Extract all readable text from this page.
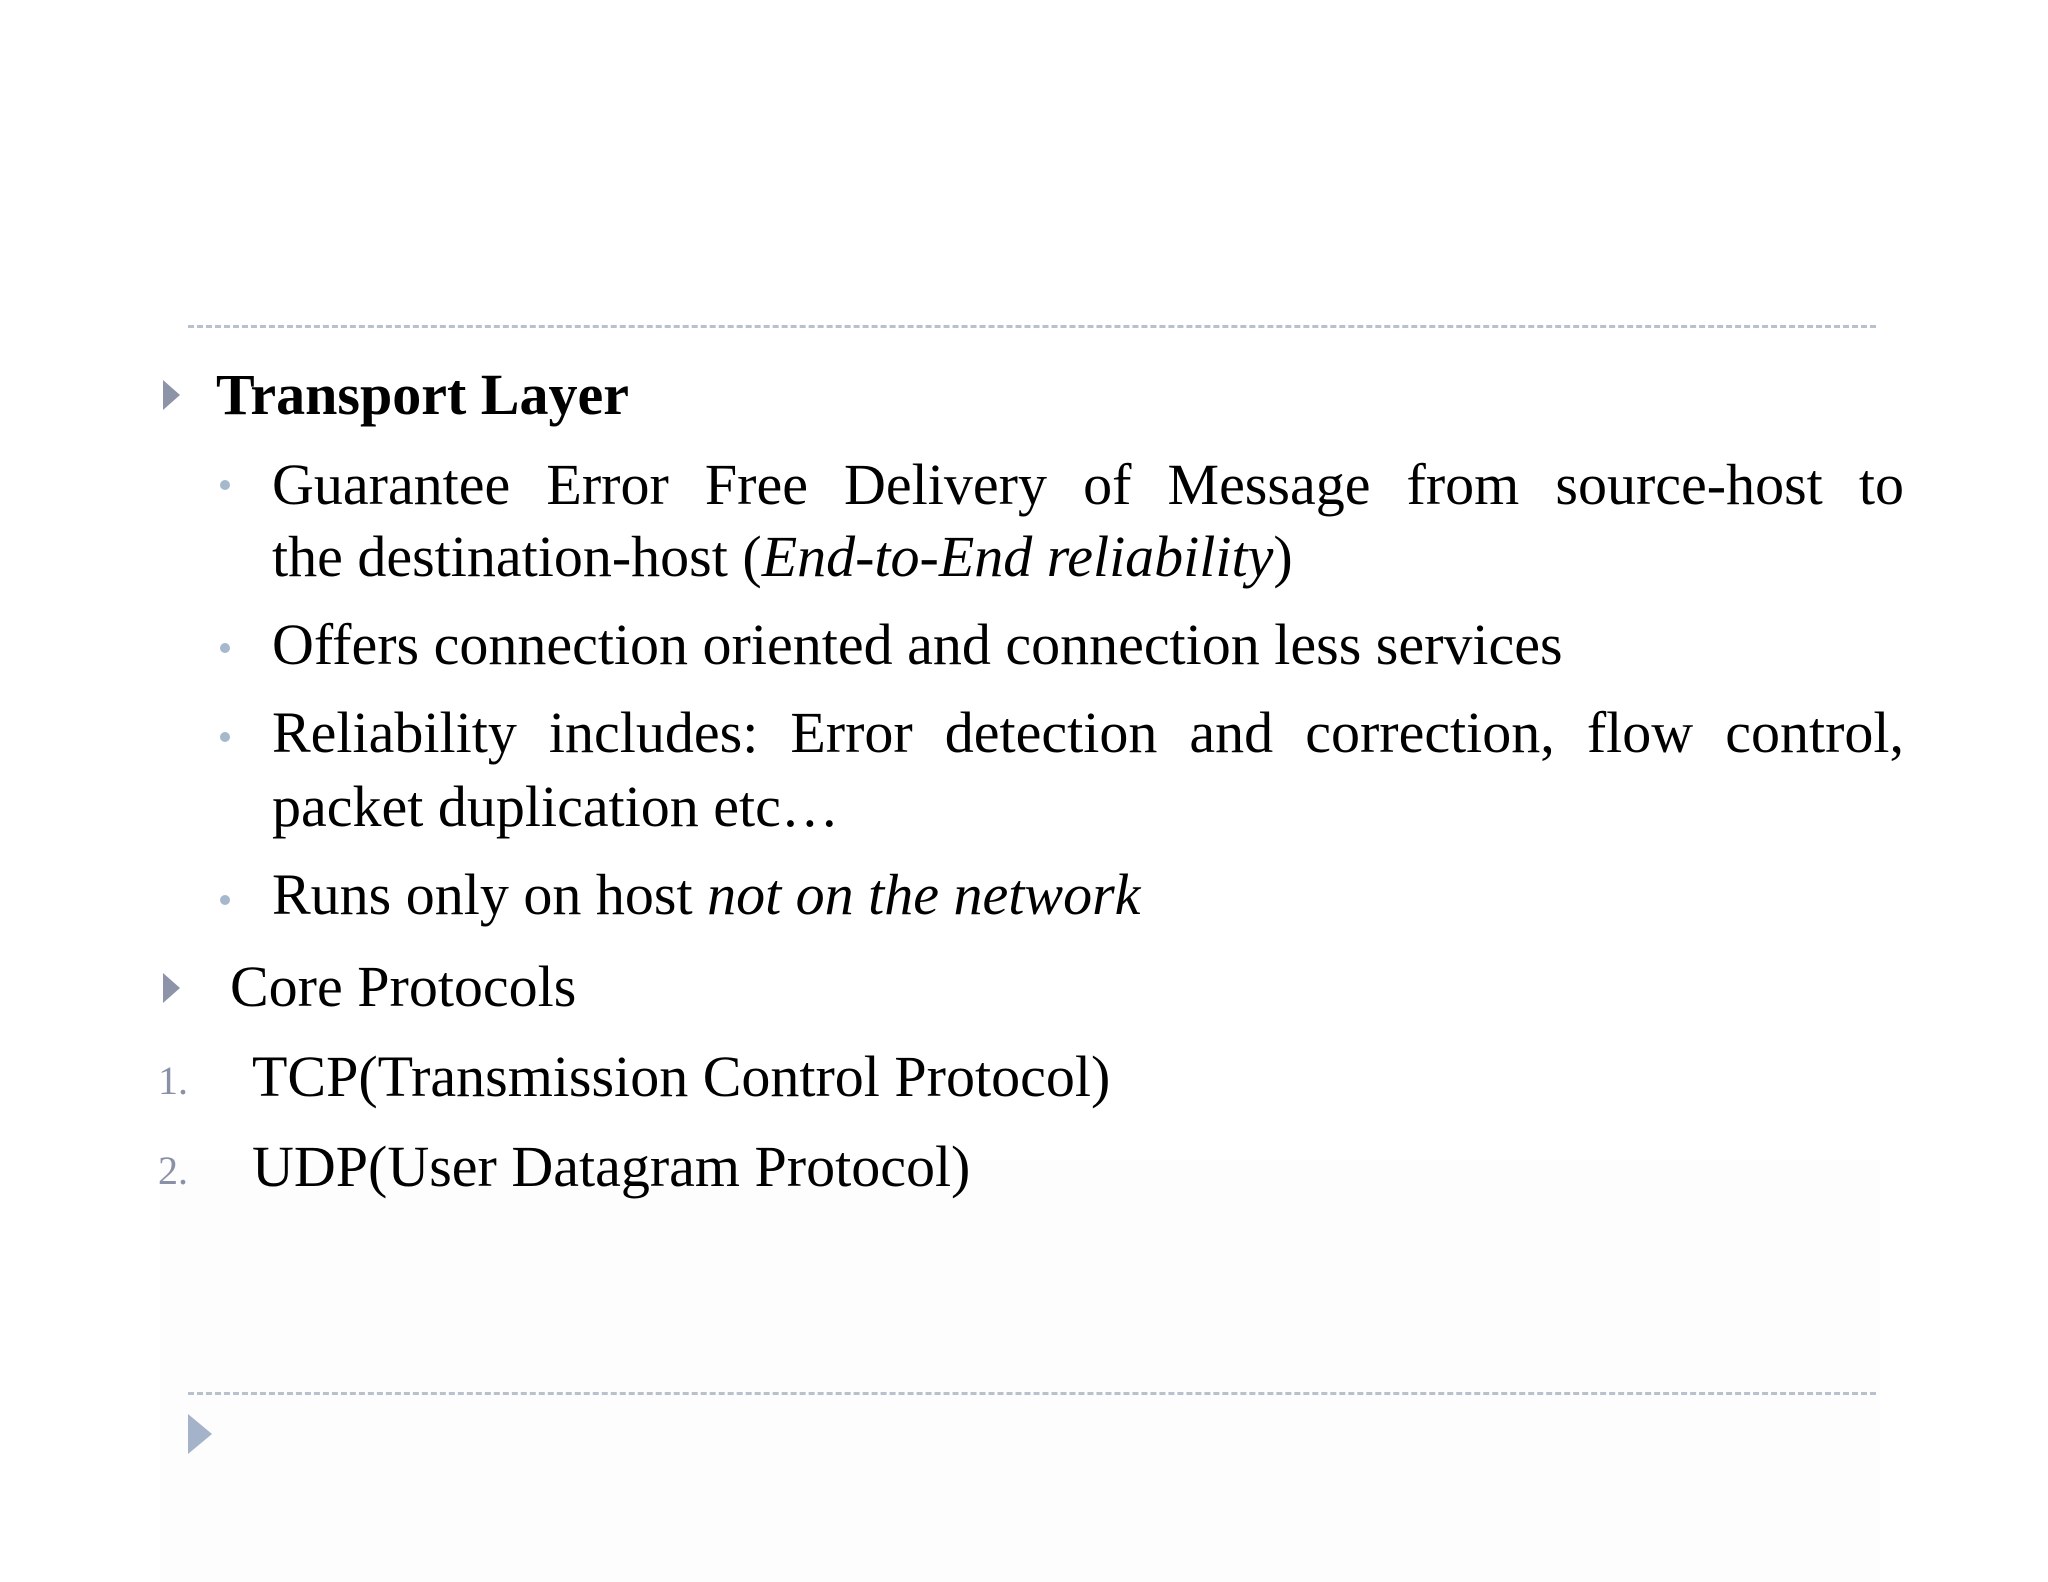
Transport Layer
Guarantee Error Free Delivery of Message from source-host to
the destination-host (End-to-End reliability)
Offers connection oriented and connection less services
Reliability includes: Error detection and correction, flow control,
packet duplication etc…
Runs only on host not on the network
Core Protocols
1. TCP(Transmission Control Protocol)
2. UDP(User Datagram Protocol)
